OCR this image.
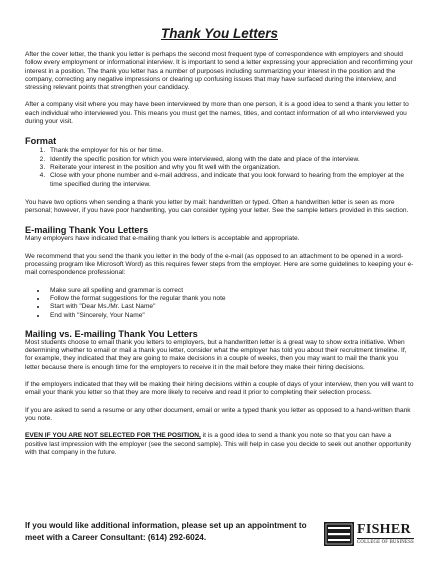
Thank You Letters

After the cover letter, the thank you letter is perhaps the second most frequent type of correspondence with employers and should follow every employment or informational interview. It is important to send a letter expressing your appreciation and reconfirming your interest in a position. The thank you letter has a number of purposes including summarizing your interest in the position and the company, correcting any negative impressions or clearing up confusing issues that may have surfaced during the interview, and stressing relevant points that strengthen your candidacy.

After a company visit where you may have been interviewed by more than one person, it is a good idea to send a thank you letter to each individual who interviewed you. This means you must get the names, titles, and contact information of all who interviewed you during your visit.

Format
1. Thank the employer for his or her time.
2. Identify the specific position for which you were interviewed, along with the date and place of the interview.
3. Reiterate your interest in the position and why you fit well with the organization.
4. Close with your phone number and e-mail address, and indicate that you look forward to hearing from the employer at the time specified during the interview.

You have two options when sending a thank you letter by mail: handwritten or typed. Often a handwritten letter is seen as more personal; however, if you have poor handwriting, you can consider typing your letter. See the sample letters provided in this section.

E-mailing Thank You Letters

Many employers have indicated that e-mailing thank you letters is acceptable and appropriate.

We recommend that you send the thank you letter in the body of the e-mail (as opposed to an attachment to be opened in a word-processing program like Microsoft Word) as this requires fewer steps from the employer. Here are some guidelines to keeping your e-mail correspondence professional:

• Make sure all spelling and grammar is correct
• Follow the format suggestions for the regular thank you note
• Start with "Dear Ms./Mr. Last Name"
• End with "Sincerely, Your Name"
Mailing vs. E-mailing Thank You Letters

Most students choose to email thank you letters to employers, but a handwritten letter is a great way to show extra initiative. When determining whether to email or mail a thank you letter, consider what the employer has told you about their recruitment timeline. If, for example, they indicated that they are going to make decisions in a couple of weeks, then you may want to mail the thank you letter because there is enough time for the employers to receive it in the mail before they make their hiring decisions.

If the employers indicated that they will be making their hiring decisions within a couple of days of your interview, then you will want to email your thank you letter so that they are more likely to receive and read it prior to completing their selection process.

If you are asked to send a resume or any other document, email or write a typed thank you letter as opposed to a hand-written thank you note.

EVEN IF YOU ARE NOT SELECTED FOR THE POSITION, it is a good idea to send a thank you note so that you can have a positive last impression with the employer (see the second sample). This will help in case you decide to seek out another opportunity with that company in the future.

If you would like additional information, please set up an appointment to meet with a Career Consultant: (614) 292-6024.
FISHER
COLLEGE OF BUSINESS
